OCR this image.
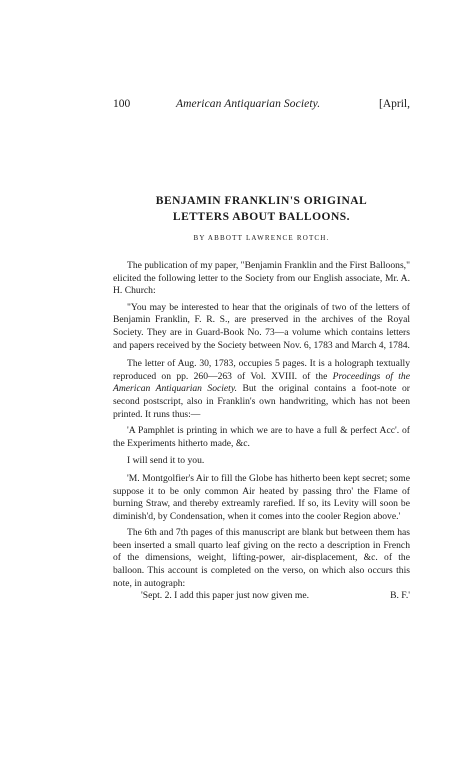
100	American Antiquarian Society.	[April,
BENJAMIN FRANKLIN'S ORIGINAL
LETTERS ABOUT BALLOONS.
BY ABBOTT LAWRENCE ROTCH.

The publication of my paper, "Benjamin Franklin and the First Balloons," elicited the following letter to the Society from our English associate, Mr. A. H. Church:

"You may be interested to hear that the originals of two of the letters of Benjamin Franklin, F. R. S., are preserved in the archives of the Royal Society. They are in Guard-Book No. 73—a volume which contains letters and papers received by the Society between Nov. 6, 1783 and March 4, 1784.

The letter of Aug. 30, 1783, occupies 5 pages. It is a holograph textually reproduced on pp. 260—263 of Vol. XVIII. of the Proceedings of the American Antiquarian Society. But the original contains a foot-note or second postscript, also in Franklin's own handwriting, which has not been printed. It runs thus:—

'A Pamphlet is printing in which we are to have a full & perfect Acc'. of the Experiments hitherto made, &c.

I will send it to you.

'M. Montgolfier's Air to fill the Globe has hitherto been kept secret; some suppose it to be only common Air heated by passing thro' the Flame of burning Straw, and thereby extreamly rarefied. If so, its Levity will soon be diminish'd, by Condensation, when it comes into the cooler Region above.'

The 6th and 7th pages of this manuscript are blank but between them has been inserted a small quarto leaf giving on the recto a description in French of the dimensions, weight, lifting-power, air-displacement, &c. of the balloon. This account is completed on the verso, on which also occurs this note, in autograph:

'Sept. 2. I add this paper just now given me.	B. F.'
